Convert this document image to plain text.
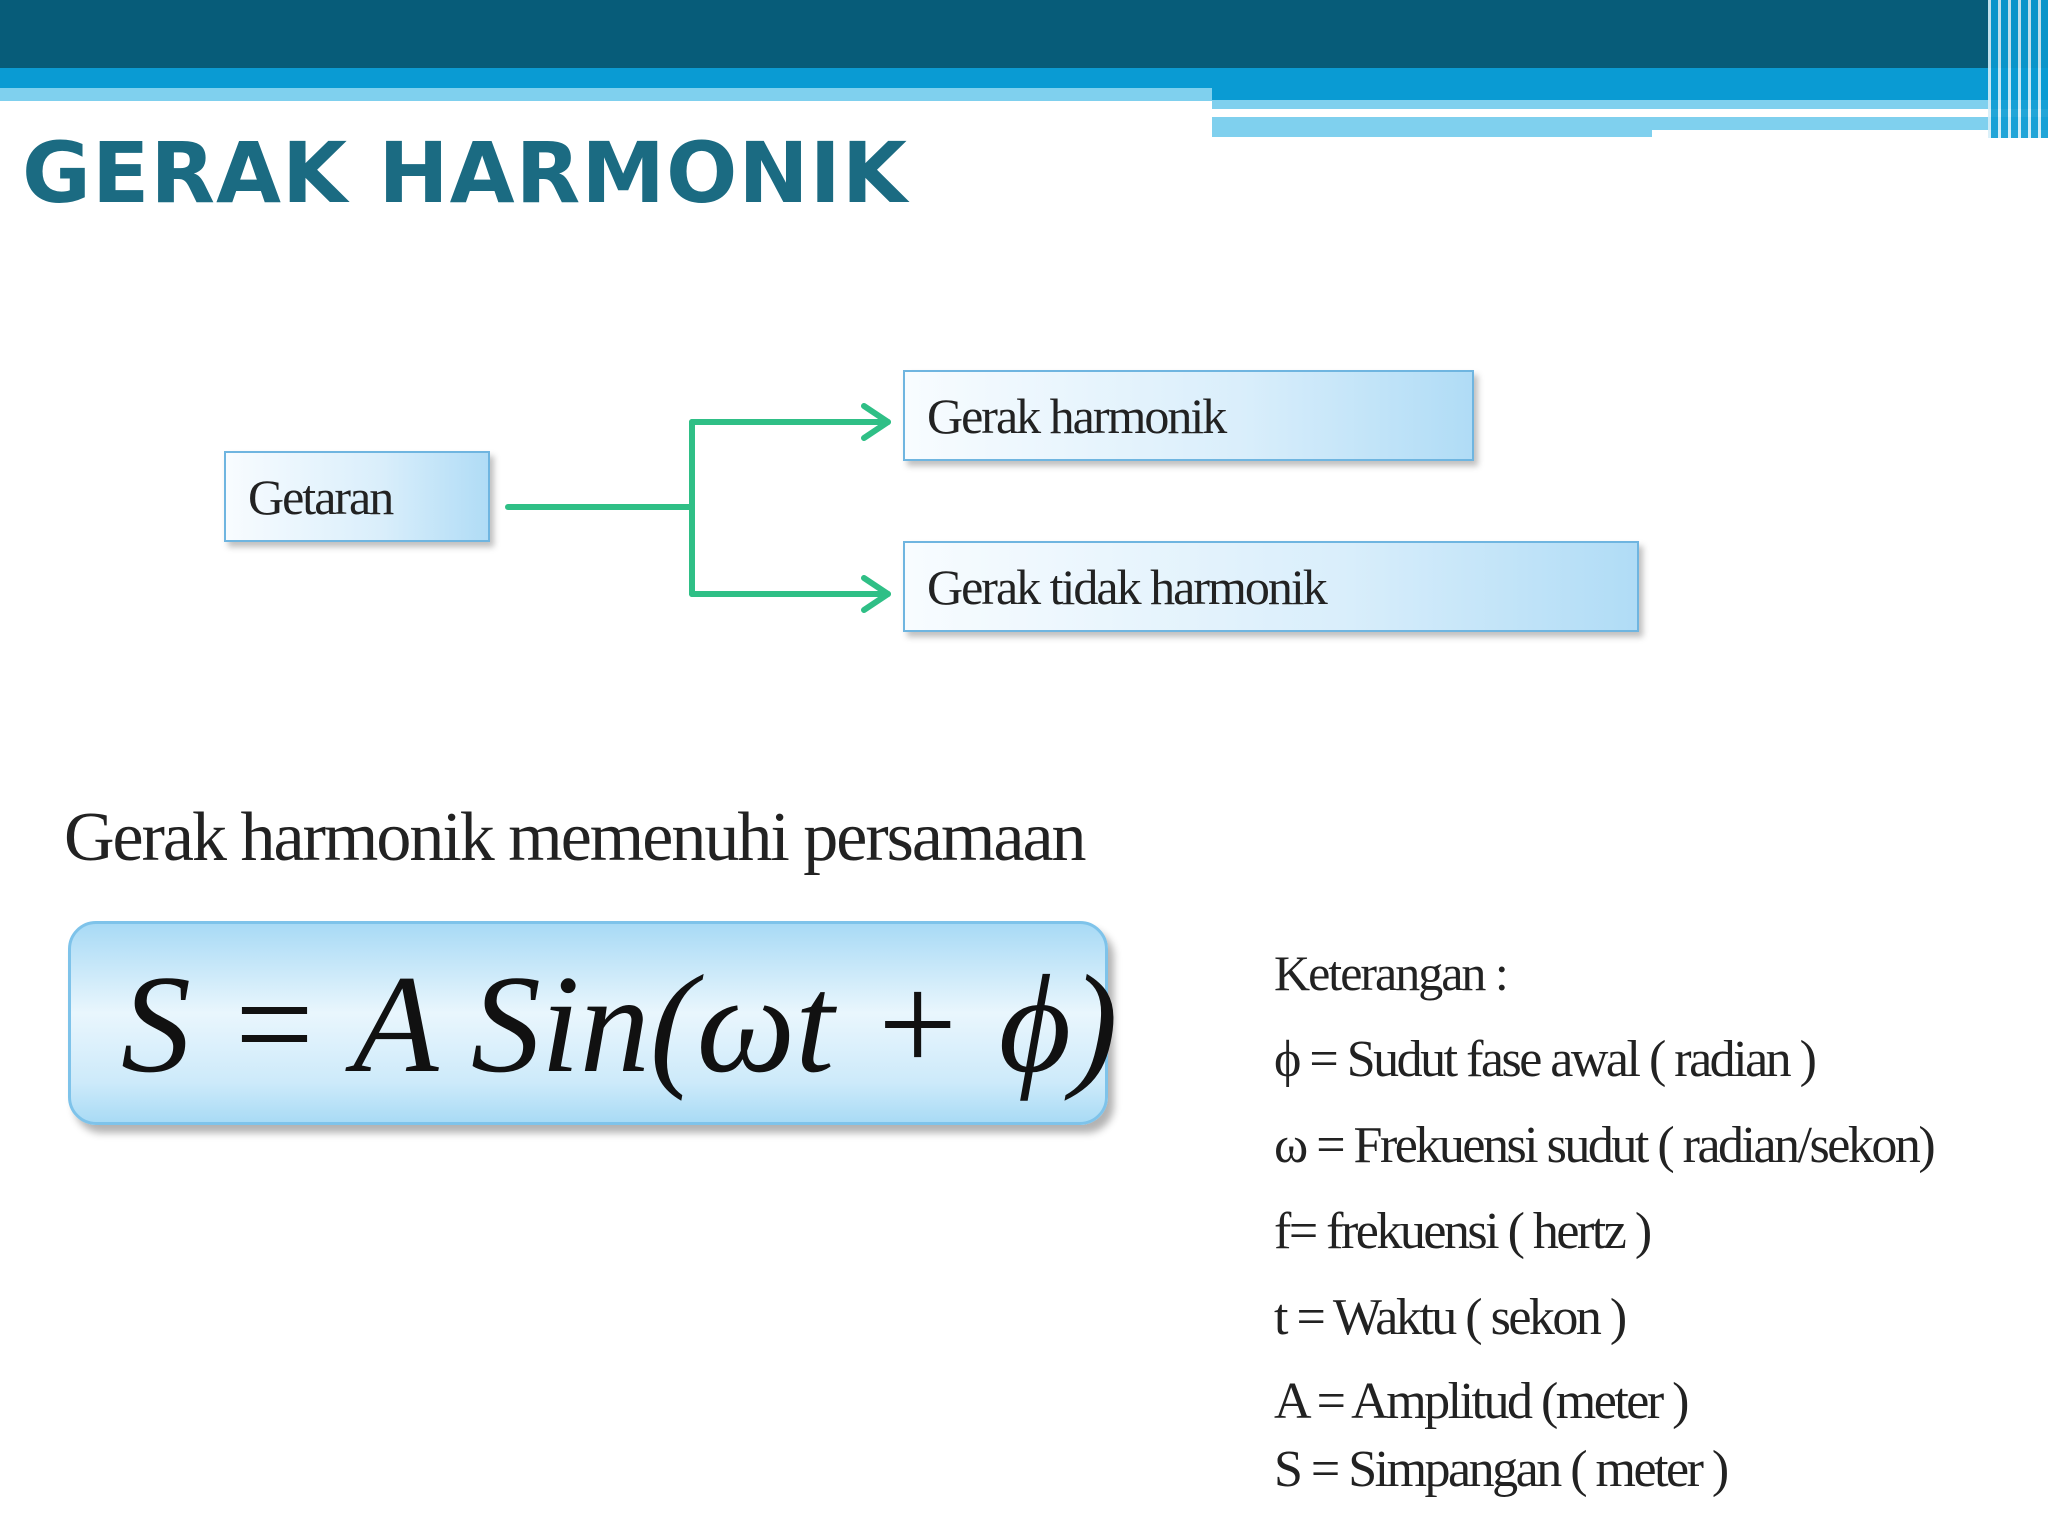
GERAK HARMONIK
Getaran
Gerak harmonik
Gerak tidak harmonik
Gerak harmonik memenuhi persamaan
S = A Sin(ωt + ϕ)	Keterangan :
ϕ = Sudut fase awal ( radian )
ω = Frekuensi sudut ( radian/sekon)
f= frekuensi ( hertz )
t = Waktu ( sekon )
A = Amplitud (meter )
S = Simpangan ( meter )
